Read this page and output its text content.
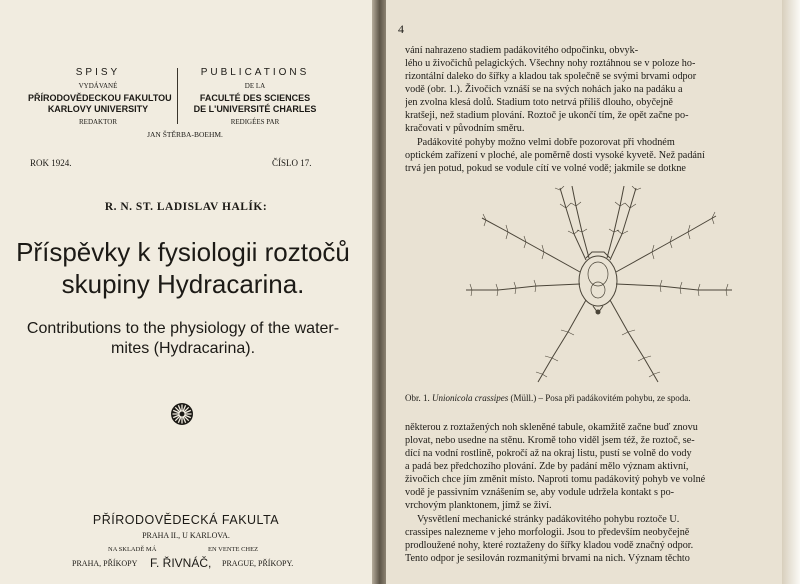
SPISY
VYDÁVANÉ
PŘÍRODOVĚDECKOU FAKULTOU
KARLOVY UNIVERSITY
REDAKTOR
PUBLICATIONS
DE LA
FACULTÉ DES SCIENCES
DE L'UNIVERSITÉ CHARLES
REDIGÉES PAR
JAN ŠTĚRBA-BOEHM.
ROK 1924.	ČÍSLO 17.
R. N. ST. LADISLAV HALÍK:
Příspěvky k fysiologii roztočů
skupiny Hydracarina.
Contributions to the physiology of the water-
mites (Hydracarina).
PŘÍRODOVĚDECKÁ FAKULTA
PRAHA II., U KARLOVA.
NA SKLADĚ MÁ	EN VENTE CHEZ
PRAHA, PŘÍKOPY F. ŘIVNÁČ, PRAGUE, PŘÍKOPY.
4
vání nahrazeno stadiem padákovitého odpočinku, obvyk-
lého u živočichů pelagických. Všechny nohy roztáhnou se v poloze ho-
rizontální daleko do šířky a kladou tak společně se svými brvami odpor
vodě (obr. 1.). Živočich vznáší se na svých nohách jako na padáku a
jen zvolna klesá dolů. Stadium toto netrvá příliš dlouho, obyčejně
kratšeji, než stadium plování. Roztoč je ukončí tím, že opět začne po-
kračovati v původním směru.
Padákovité pohyby možno velmi dobře pozorovat při vhodném
optickém zařízení v ploché, ale poměrně dosti vysoké kyvetě. Než padání
trvá jen potud, pokud se vodule cítí ve volné vodě; jakmile se dotkne
Obr. 1. Unionicola crassipes (Müll.) – Posa při padákovitém pohybu, ze spoda.
některou z roztažených noh skleněné tabule, okamžitě začne buď znovu
plovat, nebo usedne na stěnu. Kromě toho viděl jsem též, že roztoč, se-
dící na vodní rostlině, pokročí až na okraj listu, pustí se volně do vody
a padá bez předchozího plování. Zde by padání mělo význam aktivní,
živočich chce jím změnit místo. Naproti tomu padákovitý pohyb ve volné
vodě je passivním vznášením se, aby vodule udržela kontakt s po-
vrchovým planktonem, jímž se živí.
Vysvětlení mechanické stránky padákovitého pohybu roztoče U.
crassipes nalezneme v jeho morfologii. Jsou to především neobyčejně
prodloužené nohy, které roztaženy do šířky kladou vodě značný odpor.
Tento odpor je sesilován rozmanitými brvami na nich. Význam těchto
